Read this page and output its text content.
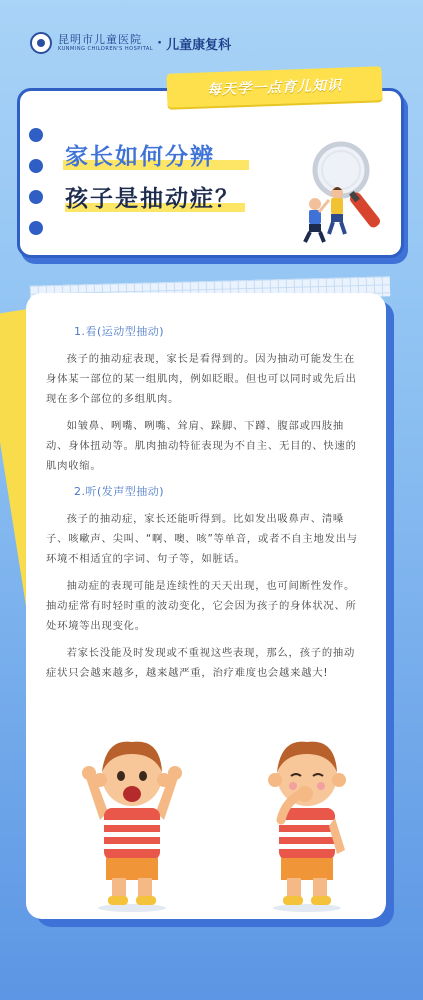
昆明市儿童医院
KUNMING CHILDREN'S HOSPITAL · 儿童康复科
每天学一点育儿知识
家长如何分辨
孩子是抽动症？
1.看(运动型抽动)

孩子的抽动症表现，家长是看得到的。因为抽动可能发生在身体某一部位的某一组肌肉，例如眨眼。但也可以同时或先后出现在多个部位的多组肌肉。

如皱鼻、咧嘴、咧嘴、耸肩、跺脚、下蹲、腹部或四肢抽动、身体扭动等。肌肉抽动特征表现为不自主、无目的、快速的肌肉收缩。

2.听(发声型抽动)

孩子的抽动症，家长还能听得到。比如发出吸鼻声、清嗓子、咳嗽声、尖叫、“啊、噢、咳”等单音，或者不自主地发出与环境不相适宜的字词、句子等，如脏话。

抽动症的表现可能是连续性的天天出现，也可间断性发作。抽动症常有时轻时重的波动变化，它会因为孩子的身体状况、所处环境等出现变化。

若家长没能及时发现或不重视这些表现，那么，孩子的抽动症状只会越来越多，越来越严重，治疗难度也会越来越大!
